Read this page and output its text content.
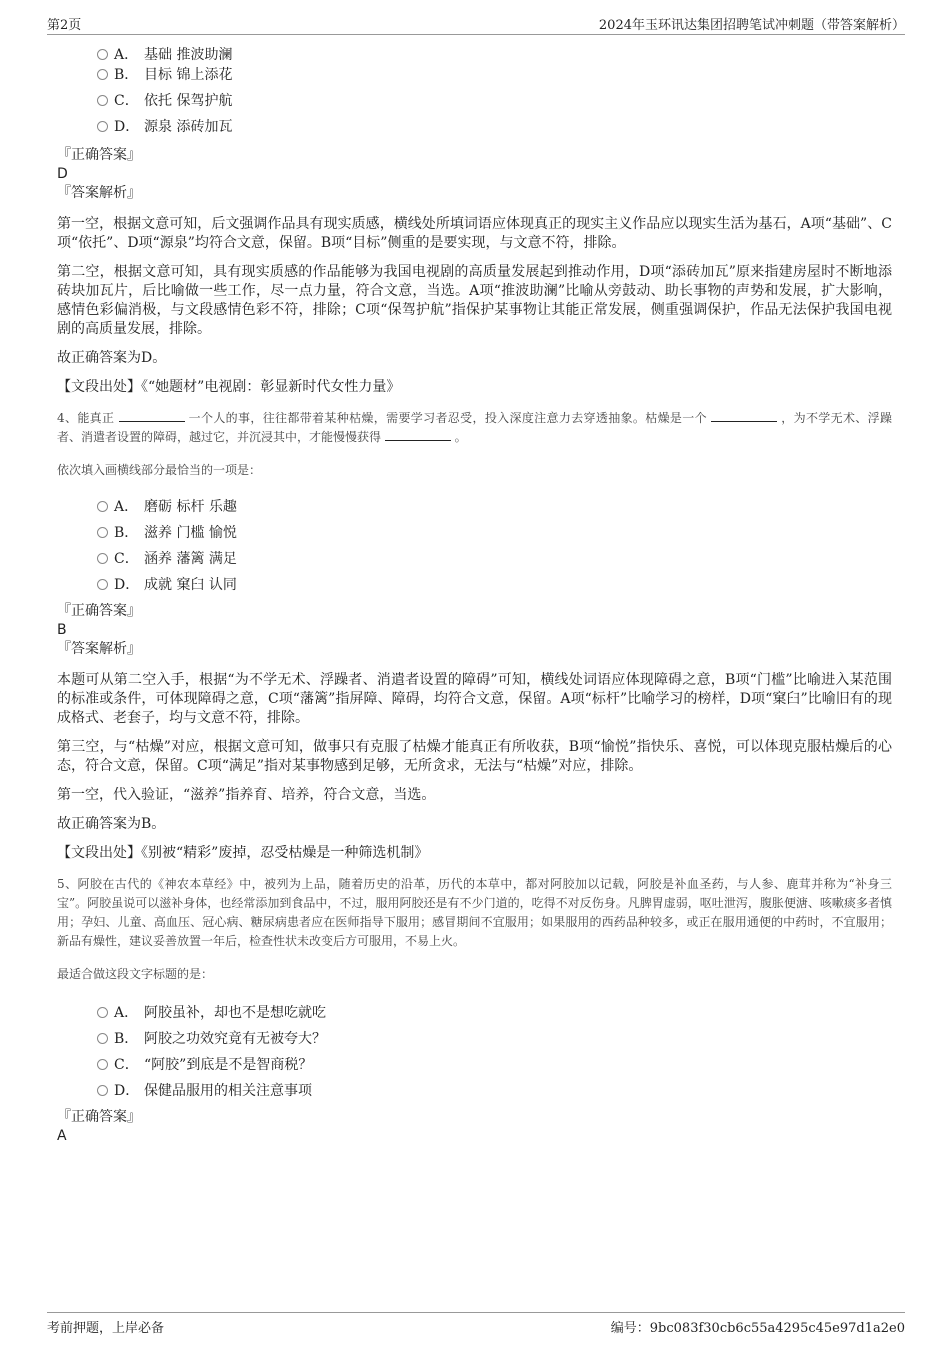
第2页	2024年玉环讯达集团招聘笔试冲刺题（带答案解析）
A． 基础 推波助澜
B． 目标 锦上添花
C． 依托 保驾护航
D． 源泉 添砖加瓦
『正确答案』
D
『答案解析』

第一空，根据文意可知，后文强调作品具有现实质感，横线处所填词语应体现真正的现实主义作品应以现实生活为基石，A项“基础”、C项“依托”、D项“源泉”均符合文意，保留。B项“目标”侧重的是要实现，与文意不符，排除。

第二空，根据文意可知，具有现实质感的作品能够为我国电视剧的高质量发展起到推动作用，D项“添砖加瓦”原来指建房屋时不断地添砖块加瓦片，后比喻做一些工作，尽一点力量，符合文意，当选。A项“推波助澜”比喻从旁鼓动、助长事物的声势和发展，扩大影响，感情色彩偏消极，与文段感情色彩不符，排除；C项“保驾护航”指保护某事物让其能正常发展，侧重强调保护，作品无法保护我国电视剧的高质量发展，排除。

故正确答案为D。

【文段出处】《“她题材”电视剧：彰显新时代女性力量》

4、能真正	一个人的事，往往都带着某种枯燥，需要学习者忍受，投入深度注意力去穿透抽象。枯燥是一个	，为不学无术、浮躁者、消遣者设置的障碍，越过它，并沉浸其中，才能慢慢获得	。

依次填入画横线部分最恰当的一项是：

A． 磨砺 标杆 乐趣
B． 滋养 门槛 愉悦
C． 涵养 藩篱 满足
D． 成就 窠臼 认同
『正确答案』
B
『答案解析』

本题可从第二空入手，根据“为不学无术、浮躁者、消遣者设置的障碍”可知，横线处词语应体现障碍之意，B项“门槛”比喻进入某范围的标准或条件，可体现障碍之意，C项“藩篱”指屏障、障碍，均符合文意，保留。A项“标杆”比喻学习的榜样，D项“窠臼”比喻旧有的现成格式、老套子，均与文意不符，排除。

第三空，与“枯燥”对应，根据文意可知，做事只有克服了枯燥才能真正有所收获，B项“愉悦”指快乐、喜悦，可以体现克服枯燥后的心态，符合文意，保留。C项“满足”指对某事物感到足够，无所贪求，无法与“枯燥”对应，排除。

第一空，代入验证，“滋养”指养育、培养，符合文意，当选。

故正确答案为B。

【文段出处】《别被“精彩”废掉，忍受枯燥是一种筛选机制》

5、阿胶在古代的《神农本草经》中，被列为上品，随着历史的沿革，历代的本草中，都对阿胶加以记载，阿胶是补血圣药，与人参、鹿茸并称为“补身三宝”。阿胶虽说可以滋补身体，也经常添加到食品中，不过，服用阿胶还是有不少门道的，吃得不对反伤身。凡脾胃虚弱，呕吐泄泻，腹胀便溏、咳嗽痰多者慎用；孕妇、儿童、高血压、冠心病、糖尿病患者应在医师指导下服用；感冒期间不宜服用；如果服用的西药品种较多，或正在服用通便的中药时，不宜服用；新品有燥性，建议妥善放置一年后，检查性状未改变后方可服用，不易上火。

最适合做这段文字标题的是：

A． 阿胶虽补，却也不是想吃就吃
B． 阿胶之功效究竟有无被夸大？
C． “阿胶”到底是不是智商税？
D． 保健品服用的相关注意事项
『正确答案』
A
考前押题，上岸必备	编号：9bc083f30cb6c55a4295c45e97d1a2e0
